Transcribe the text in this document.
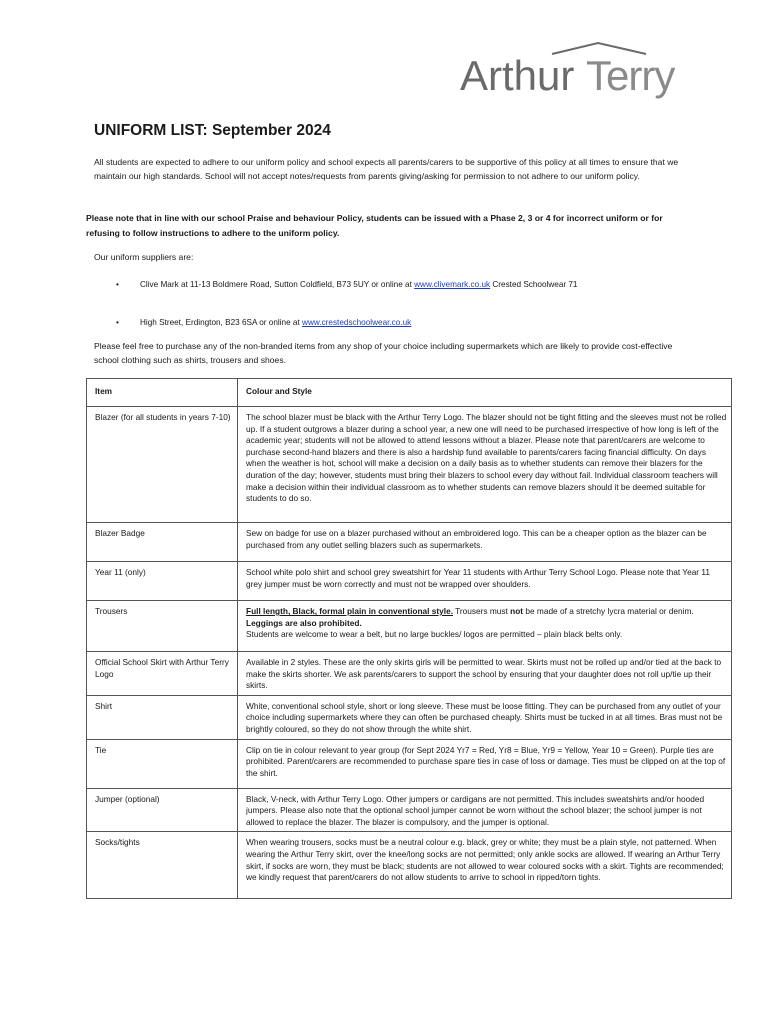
Arthur Terry
UNIFORM LIST: September 2024

All students are expected to adhere to our uniform policy and school expects all parents/carers to be supportive of this policy at all times to ensure that we maintain our high standards. School will not accept notes/requests from parents giving/asking for permission to not adhere to our uniform policy.

Please note that in line with our school Praise and behaviour Policy, students can be issued with a Phase 2, 3 or 4 for incorrect uniform or for refusing to follow instructions to adhere to the uniform policy.

Our uniform suppliers are:

•	Clive Mark at 11-13 Boldmere Road, Sutton Coldfield, B73 5UY or online at www.clivemark.co.uk Crested Schoolwear 71

•	High Street, Erdington, B23 6SA or online at www.crestedschoolwear.co.uk

Please feel free to purchase any of the non-branded items from any shop of your choice including supermarkets which are likely to provide cost-effective school clothing such as shirts, trousers and shoes.

Item	Colour and Style
Blazer (for all students in years 7-10)	The school blazer must be black with the Arthur Terry Logo. The blazer should not be tight fitting and the sleeves must not be rolled up. If a student outgrows a blazer during a school year, a new one will need to be purchased irrespective of how long is left of the academic year; students will not be allowed to attend lessons without a blazer. Please note that parent/carers are welcome to purchase second-hand blazers and there is also a hardship fund available to parents/carers facing financial difficulty. On days when the weather is hot, school will make a decision on a daily basis as to whether students can remove their blazers for the duration of the day; however, students must bring their blazers to school every day without fail. Individual classroom teachers will make a decision within their individual classroom as to whether students can remove blazers should it be deemed suitable for students to do so.
Blazer Badge	Sew on badge for use on a blazer purchased without an embroidered logo. This can be a cheaper option as the blazer can be purchased from any outlet selling blazers such as supermarkets.
Year 11 (only)	School white polo shirt and school grey sweatshirt for Year 11 students with Arthur Terry School Logo. Please note that Year 11 grey jumper must be worn correctly and must not be wrapped over shoulders.
Trousers	Full length, Black, formal plain in conventional style. Trousers must not be made of a stretchy lycra material or denim. Leggings are also prohibited.
Students are welcome to wear a belt, but no large buckles/ logos are permitted – plain black belts only.
Official School Skirt with Arthur Terry Logo	Available in 2 styles. These are the only skirts girls will be permitted to wear. Skirts must not be rolled up and/or tied at the back to make the skirts shorter. We ask parents/carers to support the school by ensuring that your daughter does not roll up/tie up their skirts.
Shirt	White, conventional school style, short or long sleeve. These must be loose fitting. They can be purchased from any outlet of your choice including supermarkets where they can often be purchased cheaply. Shirts must be tucked in at all times. Bras must not be brightly coloured, so they do not show through the white shirt.
Tie	Clip on tie in colour relevant to year group (for Sept 2024 Yr7 = Red, Yr8 = Blue, Yr9 = Yellow, Year 10 = Green). Purple ties are prohibited. Parent/carers are recommended to purchase spare ties in case of loss or damage. Ties must be clipped on at the top of the shirt.
Jumper (optional)	Black, V-neck, with Arthur Terry Logo. Other jumpers or cardigans are not permitted. This includes sweatshirts and/or hooded jumpers. Please also note that the optional school jumper cannot be worn without the school blazer; the school jumper is not allowed to replace the blazer. The blazer is compulsory, and the jumper is optional.
Socks/tights	When wearing trousers, socks must be a neutral colour e.g. black, grey or white; they must be a plain style, not patterned. When wearing the Arthur Terry skirt, over the knee/long socks are not permitted; only ankle socks are allowed. If wearing an Arthur Terry skirt, if socks are worn, they must be black; students are not allowed to wear coloured socks with a skirt. Tights are recommended; we kindly request that parent/carers do not allow students to arrive to school in ripped/torn tights.
